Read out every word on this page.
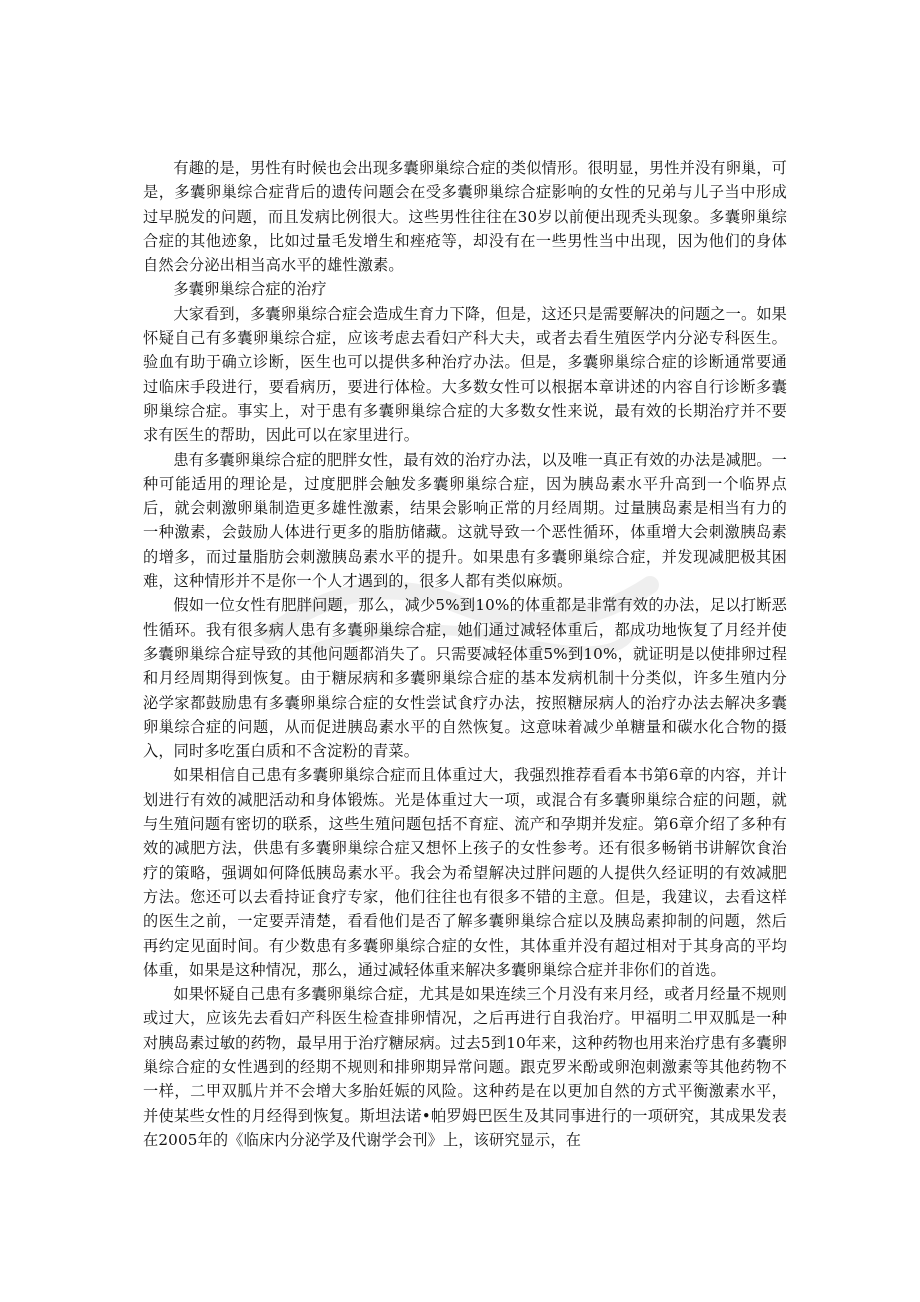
有趣的是，男性有时候也会出现多囊卵巢综合症的类似情形。很明显，男性并没有卵巢，可是，多囊卵巢综合症背后的遗传问题会在受多囊卵巢综合症影响的女性的兄弟与儿子当中形成过早脱发的问题，而且发病比例很大。这些男性往往在30岁以前便出现秃头现象。多囊卵巢综合症的其他迹象，比如过量毛发增生和痤疮等，却没有在一些男性当中出现，因为他们的身体自然会分泌出相当高水平的雄性激素。

多囊卵巢综合症的治疗

大家看到，多囊卵巢综合症会造成生育力下降，但是，这还只是需要解决的问题之一。如果怀疑自己有多囊卵巢综合症，应该考虑去看妇产科大夫，或者去看生殖医学内分泌专科医生。验血有助于确立诊断，医生也可以提供多种治疗办法。但是，多囊卵巢综合症的诊断通常要通过临床手段进行，要看病历，要进行体检。大多数女性可以根据本章讲述的内容自行诊断多囊卵巢综合症。事实上，对于患有多囊卵巢综合症的大多数女性来说，最有效的长期治疗并不要求有医生的帮助，因此可以在家里进行。

患有多囊卵巢综合症的肥胖女性，最有效的治疗办法，以及唯一真正有效的办法是减肥。一种可能适用的理论是，过度肥胖会触发多囊卵巢综合症，因为胰岛素水平升高到一个临界点后，就会刺激卵巢制造更多雄性激素，结果会影响正常的月经周期。过量胰岛素是相当有力的一种激素，会鼓励人体进行更多的脂肪储藏。这就导致一个恶性循环，体重增大会刺激胰岛素的增多，而过量脂肪会刺激胰岛素水平的提升。如果患有多囊卵巢综合症，并发现减肥极其困难，这种情形并不是你一个人才遇到的，很多人都有类似麻烦。

假如一位女性有肥胖问题，那么，减少5%到10%的体重都是非常有效的办法，足以打断恶性循环。我有很多病人患有多囊卵巢综合症，她们通过减轻体重后，都成功地恢复了月经并使多囊卵巢综合症导致的其他问题都消失了。只需要减轻体重5%到10%，就证明是以使排卵过程和月经周期得到恢复。由于糖尿病和多囊卵巢综合症的基本发病机制十分类似，许多生殖内分泌学家都鼓励患有多囊卵巢综合症的女性尝试食疗办法，按照糖尿病人的治疗办法去解决多囊卵巢综合症的问题，从而促进胰岛素水平的自然恢复。这意味着减少单糖量和碳水化合物的摄入，同时多吃蛋白质和不含淀粉的青菜。

如果相信自己患有多囊卵巢综合症而且体重过大，我强烈推荐看看本书第6章的内容，并计划进行有效的减肥活动和身体锻炼。光是体重过大一项，或混合有多囊卵巢综合症的问题，就与生殖问题有密切的联系，这些生殖问题包括不育症、流产和孕期并发症。第6章介绍了多种有效的减肥方法，供患有多囊卵巢综合症又想怀上孩子的女性参考。还有很多畅销书讲解饮食治疗的策略，强调如何降低胰岛素水平。我会为希望解决过胖问题的人提供久经证明的有效减肥方法。您还可以去看持证食疗专家，他们往往也有很多不错的主意。但是，我建议，去看这样的医生之前，一定要弄清楚，看看他们是否了解多囊卵巢综合症以及胰岛素抑制的问题，然后再约定见面时间。有少数患有多囊卵巢综合症的女性，其体重并没有超过相对于其身高的平均体重，如果是这种情况，那么，通过减轻体重来解决多囊卵巢综合症并非你们的首选。

如果怀疑自己患有多囊卵巢综合症，尤其是如果连续三个月没有来月经，或者月经量不规则或过大，应该先去看妇产科医生检查排卵情况，之后再进行自我治疗。甲福明二甲双胍是一种对胰岛素过敏的药物，最早用于治疗糖尿病。过去5到10年来，这种药物也用来治疗患有多囊卵巢综合症的女性遇到的经期不规则和排卵期异常问题。跟克罗米酚或卵泡刺激素等其他药物不一样，二甲双胍片并不会增大多胎妊娠的风险。这种药是在以更加自然的方式平衡激素水平，并使某些女性的月经得到恢复。斯坦法诺•帕罗姆巴医生及其同事进行的一项研究，其成果发表在2005年的《临床内分泌学及代谢学会刊》上，该研究显示，在
